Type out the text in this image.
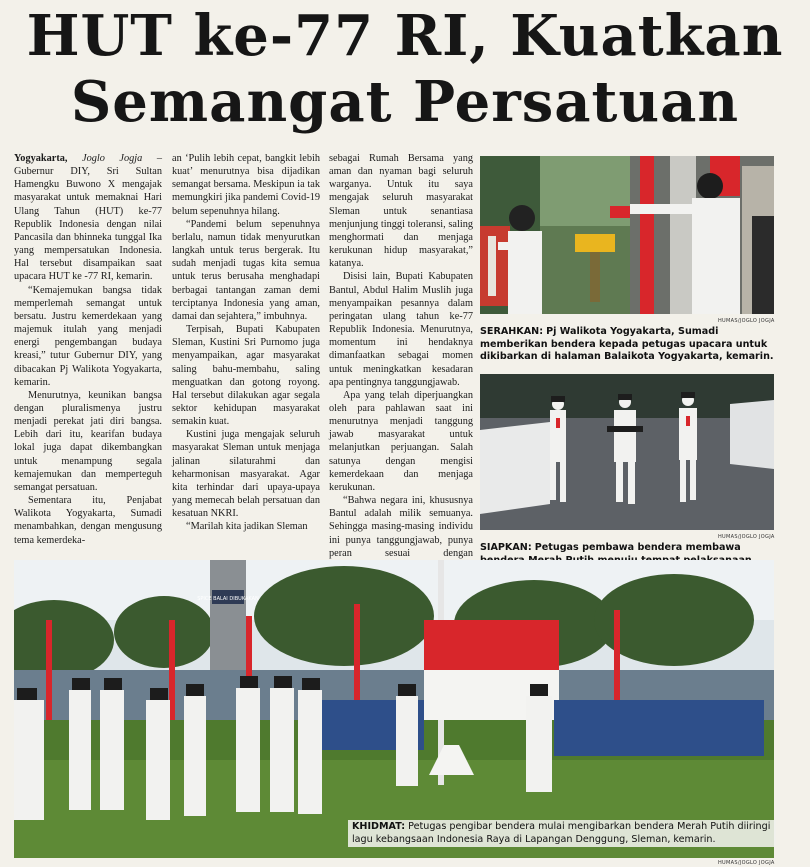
HUT ke-77 RI, Kuatkan
Semangat Persatuan

Yogyakarta, Joglo Jogja – Gubernur DIY, Sri Sultan Hamengku Buwono X mengajak masyarakat untuk memaknai Hari Ulang Tahun (HUT) ke-77 Republik Indonesia dengan nilai Pancasila dan bhinneka tunggal Ika yang mempersatukan Indonesia. Hal tersebut disampaikan saat upacara HUT ke -77 RI, kemarin.

“Kemajemukan bangsa tidak memperlemah semangat untuk bersatu. Justru kemerdekaan yang majemuk itulah yang menjadi energi pengembangan budaya kreasi,” tutur Gubernur DIY, yang dibacakan Pj Walikota Yogyakarta, kemarin.

Menurutnya, keunikan bangsa dengan pluralismenya justru menjadi perekat jati diri bangsa. Lebih dari itu, kearifan budaya lokal juga dapat dikembangkan untuk menampung segala kemajemukan dan memperteguh semangat persatuan.

Sementara itu, Penjabat Walikota Yogyakarta, Sumadi menambahkan, dengan mengusung tema kemerdeka-

an ‘Pulih lebih cepat, bangkit lebih kuat’ menurutnya bisa dijadikan semangat bersama. Meskipun ia tak memungkiri jika pandemi Covid-19 belum sepenuhnya hilang.

“Pandemi belum sepenuhnya berlalu, namun tidak menyurutkan langkah untuk terus bergerak. Itu sudah menjadi tugas kita semua untuk terus berusaha menghadapi berbagai tantangan zaman demi terciptanya Indonesia yang aman, damai dan sejahtera,” imbuhnya.

Terpisah, Bupati Kabupaten Sleman, Kustini Sri Purnomo juga menyampaikan, agar masyarakat saling bahu-membahu, saling menguatkan dan gotong royong. Hal tersebut dilakukan agar segala sektor kehidupan masyarakat semakin kuat.

Kustini juga mengajak seluruh masyarakat Sleman untuk menjaga jalinan silaturahmi dan keharmonisan masyarakat. Agar kita terhindar dari upaya-upaya yang memecah belah persatuan dan kesatuan NKRI.

“Marilah kita jadikan Sleman

sebagai Rumah Bersama yang aman dan nyaman bagi seluruh warganya. Untuk itu saya mengajak seluruh masyarakat Sleman untuk senantiasa menjunjung tinggi toleransi, saling menghormati dan menjaga kerukunan hidup masyarakat,” katanya.

Disisi lain, Bupati Kabupaten Bantul, Abdul Halim Muslih juga menyampaikan pesannya dalam peringatan ulang tahun ke-77 Republik Indonesia. Menurutnya, momentum ini hendaknya dimanfaatkan sebagai momen untuk meningkatkan kesadaran apa pentingnya tanggungjawab.

Apa yang telah diperjuangkan oleh para pahlawan saat ini menurutnya menjadi tanggung jawab masyarakat untuk melanjutkan perjuangan. Salah satunya dengan mengisi kemerdekaan dan menjaga kerukunan.

“Bahwa negara ini, khususnya Bantul adalah milik semuanya. Sehingga masing-masing individu ini punya tanggungjawab, punya peran sesuai dengan

HUMAS/JOGLO JOGJA
SERAHKAN: Pj Walikota Yogyakarta, Sumadi memberikan bendera kepada petugas upacara untuk dikibarkan di halaman Balaikota Yogyakarta, kemarin.
HUMAS/JOGLO JOGJA
SIAPKAN: Petugas pembawa bendera membawa
SPICE BALAI DIBUKAKAN
HUMAS/JOGLO JOGJA
KHIDMAT: Petugas pengibar bendera mulai mengibarkan bendera Merah Putih diiringi lagu kebangsaan Indonesia Raya di Lapangan Denggung, Sleman, kemarin.
